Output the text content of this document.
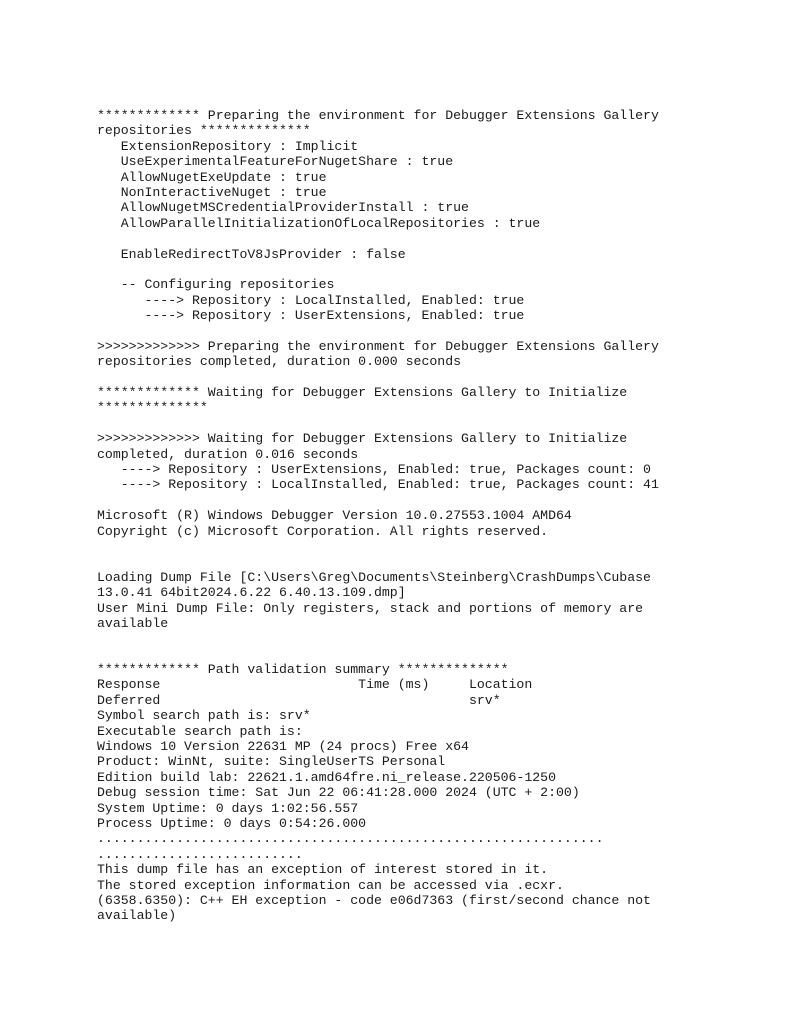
************* Preparing the environment for Debugger Extensions Gallery
repositories **************
ExtensionRepository : Implicit
UseExperimentalFeatureForNugetShare : true
AllowNugetExeUpdate : true
NonInteractiveNuget : true
AllowNugetMSCredentialProviderInstall : true
AllowParallelInitializationOfLocalRepositories : true
EnableRedirectToV8JsProvider : false
-- Configuring repositories
----> Repository : LocalInstalled, Enabled: true
----> Repository : UserExtensions, Enabled: true
>>>>>>>>>>>>> Preparing the environment for Debugger Extensions Gallery
repositories completed, duration 0.000 seconds
************* Waiting for Debugger Extensions Gallery to Initialize
**************
>>>>>>>>>>>>> Waiting for Debugger Extensions Gallery to Initialize
completed, duration 0.016 seconds
----> Repository : UserExtensions, Enabled: true, Packages count: 0
----> Repository : LocalInstalled, Enabled: true, Packages count: 41
Microsoft (R) Windows Debugger Version 10.0.27553.1004 AMD64
Copyright (c) Microsoft Corporation. All rights reserved.
Loading Dump File [C:\Users\Greg\Documents\Steinberg\CrashDumps\Cubase
13.0.41 64bit2024.6.22 6.40.13.109.dmp]
User Mini Dump File: Only registers, stack and portions of memory are
available
************* Path validation summary **************
Response                         Time (ms)     Location
Deferred                                       srv*
Symbol search path is: srv*
Executable search path is:
Windows 10 Version 22631 MP (24 procs) Free x64
Product: WinNt, suite: SingleUserTS Personal
Edition build lab: 22621.1.amd64fre.ni_release.220506-1250
Debug session time: Sat Jun 22 06:41:28.000 2024 (UTC + 2:00)
System Uptime: 0 days 1:02:56.557
Process Uptime: 0 days 0:54:26.000
................................................................
..........................
This dump file has an exception of interest stored in it.
The stored exception information can be accessed via .ecxr.
(6358.6350): C++ EH exception - code e06d7363 (first/second chance not
available)
